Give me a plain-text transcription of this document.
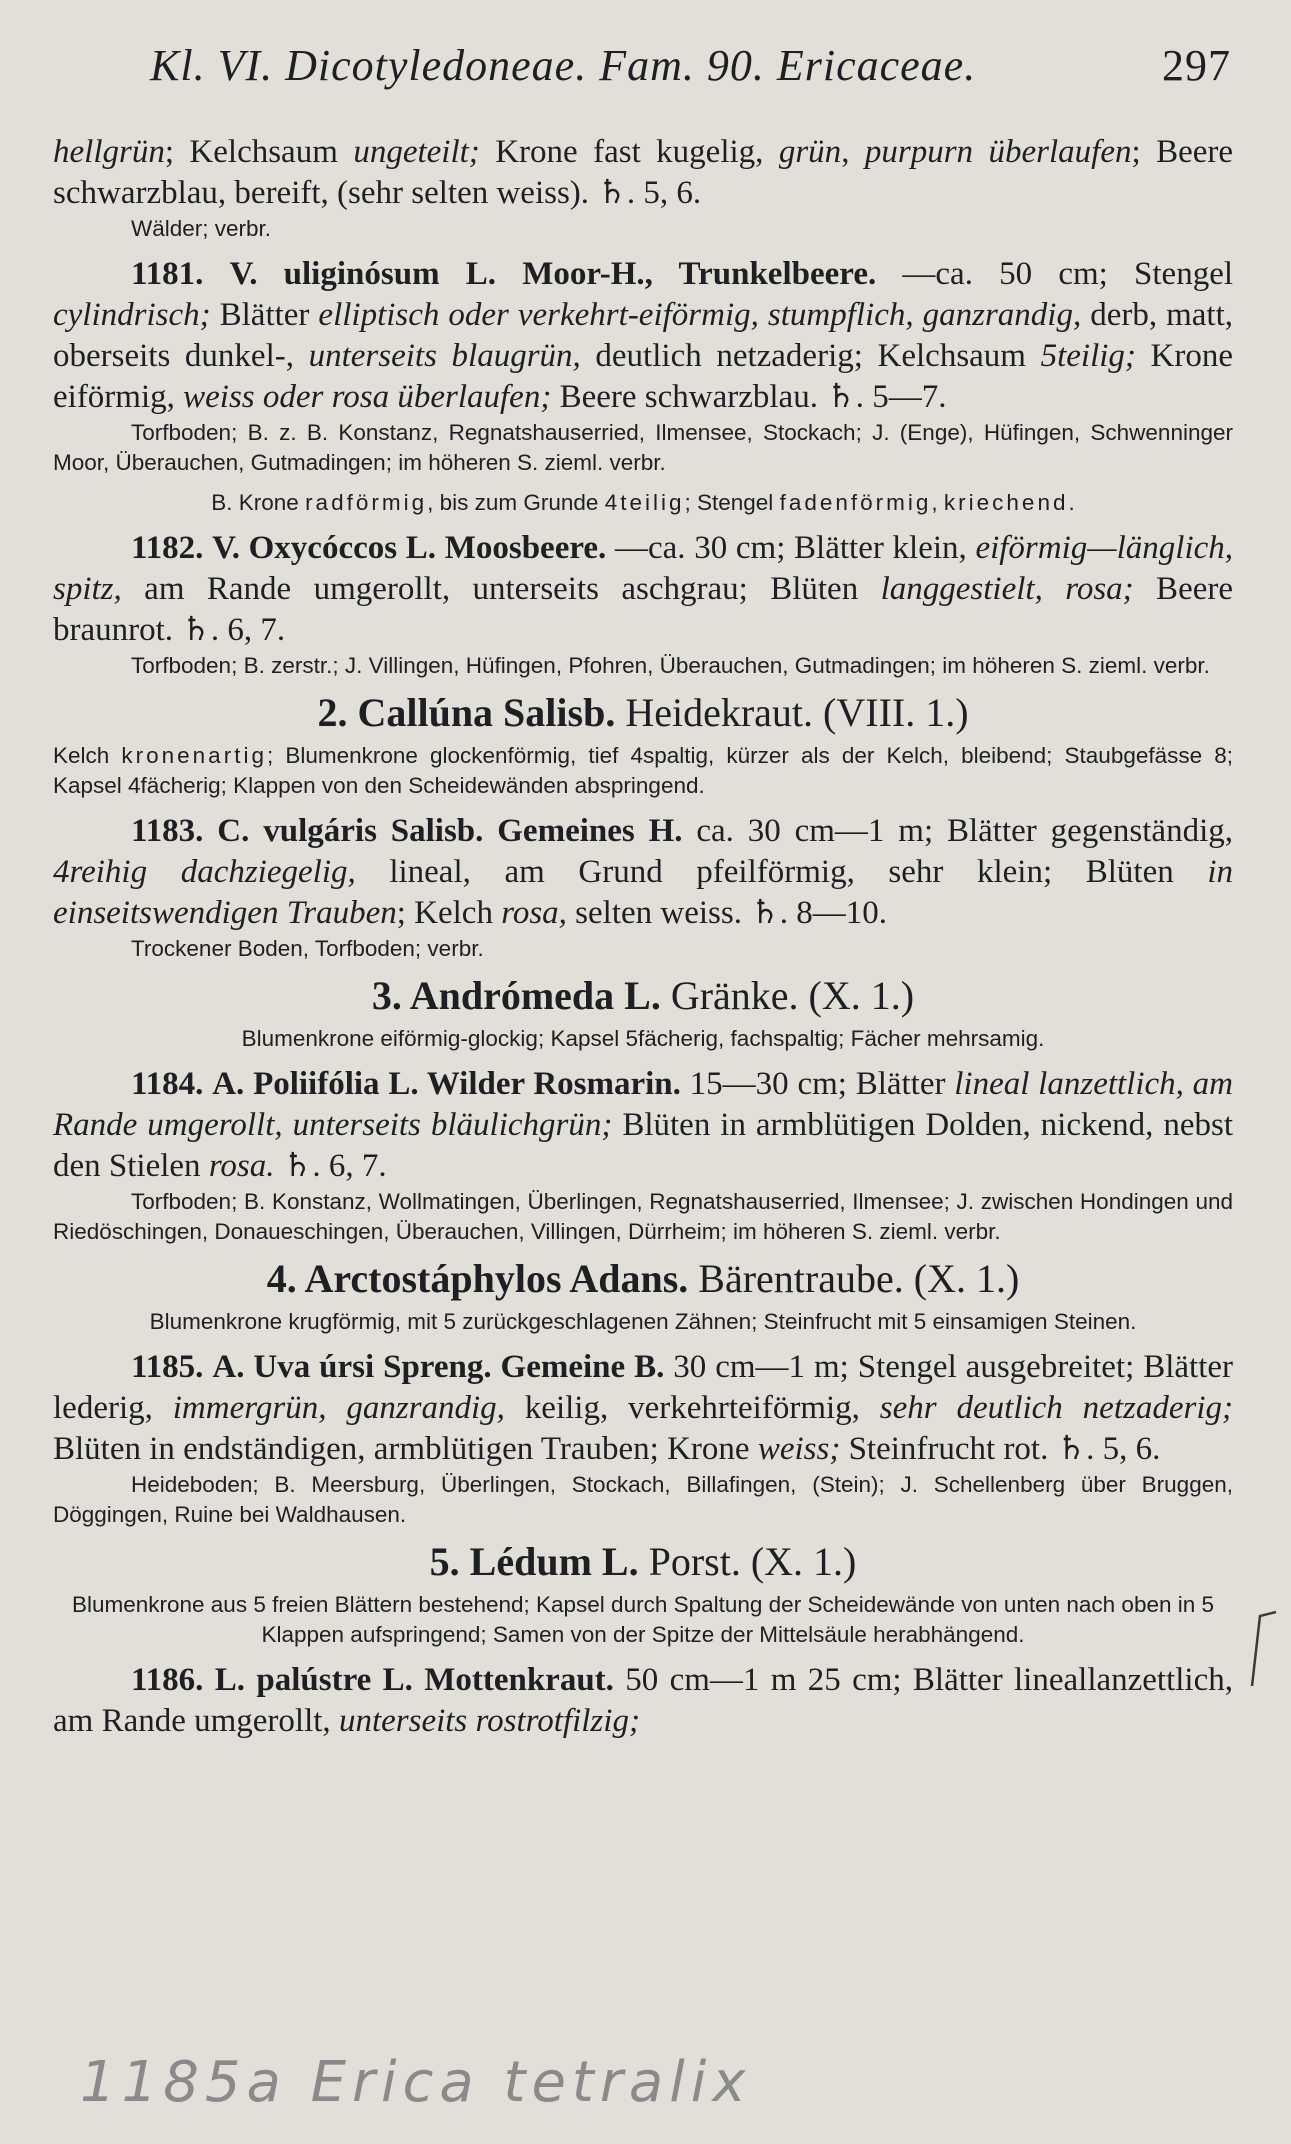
Kl. VI. Dicotyledoneae. Fam. 90. Ericaceae.	297

hellgrün; Kelchsaum ungeteilt; Krone fast kugelig, grün, purpurn überlaufen; Beere schwarzblau, bereift, (sehr selten weiss). ♄. 5, 6.

Wälder; verbr.

1181. V. uliginósum L. Moor-H., Trunkelbeere. —ca. 50 cm; Stengel cylindrisch; Blätter elliptisch oder verkehrt-eiförmig, stumpflich, ganzrandig, derb, matt, oberseits dunkel-, unterseits blaugrün, deutlich netzaderig; Kelchsaum 5teilig; Krone eiförmig, weiss oder rosa überlaufen; Beere schwarzblau. ♄. 5—7.

Torfboden; B. z. B. Konstanz, Regnatshauserried, Ilmensee, Stockach; J. (Enge), Hüfingen, Schwenninger Moor, Überauchen, Gutmadingen; im höheren S. zieml. verbr.

B. Krone radförmig, bis zum Grunde 4teilig; Stengel fadenförmig, kriechend.

1182. V. Oxycóccos L. Moosbeere. —ca. 30 cm; Blätter klein, eiförmig—länglich, spitz, am Rande umgerollt, unterseits aschgrau; Blüten langgestielt, rosa; Beere braunrot. ♄. 6, 7.

Torfboden; B. zerstr.; J. Villingen, Hüfingen, Pfohren, Überauchen, Gutmadingen; im höheren S. zieml. verbr.

2. Callúna Salisb. Heidekraut. (VIII. 1.)

Kelch kronenartig; Blumenkrone glockenförmig, tief 4spaltig, kürzer als der Kelch, bleibend; Staubgefässe 8; Kapsel 4fächerig; Klappen von den Scheidewänden abspringend.

1183. C. vulgáris Salisb. Gemeines H. ca. 30 cm—1 m; Blätter gegenständig, 4reihig dachziegelig, lineal, am Grund pfeilförmig, sehr klein; Blüten in einseitswendigen Trauben; Kelch rosa, selten weiss. ♄. 8—10.

Trockener Boden, Torfboden; verbr.

3. Andrómeda L. Gränke. (X. 1.)

Blumenkrone eiförmig-glockig; Kapsel 5fächerig, fachspaltig; Fächer mehrsamig.

1184. A. Poliifólia L. Wilder Rosmarin. 15—30 cm; Blätter lineal lanzettlich, am Rande umgerollt, unterseits bläulichgrün; Blüten in armblütigen Dolden, nickend, nebst den Stielen rosa. ♄. 6, 7.

Torfboden; B. Konstanz, Wollmatingen, Überlingen, Regnatshauserried, Ilmensee; J. zwischen Hondingen und Riedöschingen, Donaueschingen, Überauchen, Villingen, Dürrheim; im höheren S. zieml. verbr.

4. Arctostáphylos Adans. Bärentraube. (X. 1.)

Blumenkrone krugförmig, mit 5 zurückgeschlagenen Zähnen; Steinfrucht mit 5 einsamigen Steinen.

1185. A. Uva úrsi Spreng. Gemeine B. 30 cm—1 m; Stengel ausgebreitet; Blätter lederig, immergrün, ganzrandig, keilig, verkehrteiförmig, sehr deutlich netzaderig; Blüten in endständigen, armblütigen Trauben; Krone weiss; Steinfrucht rot. ♄. 5, 6.

Heideboden; B. Meersburg, Überlingen, Stockach, Billafingen, (Stein); J. Schellenberg über Bruggen, Döggingen, Ruine bei Waldhausen.

5. Lédum L. Porst. (X. 1.)

Blumenkrone aus 5 freien Blättern bestehend; Kapsel durch Spaltung der Scheidewände von unten nach oben in 5 Klappen aufspringend; Samen von der Spitze der Mittelsäule herabhängend.

1186. L. palústre L. Mottenkraut. 50 cm—1 m 25 cm; Blätter lineallanzettlich, am Rande umgerollt, unterseits rostrotfilzig;

1185a Erica tetralix
